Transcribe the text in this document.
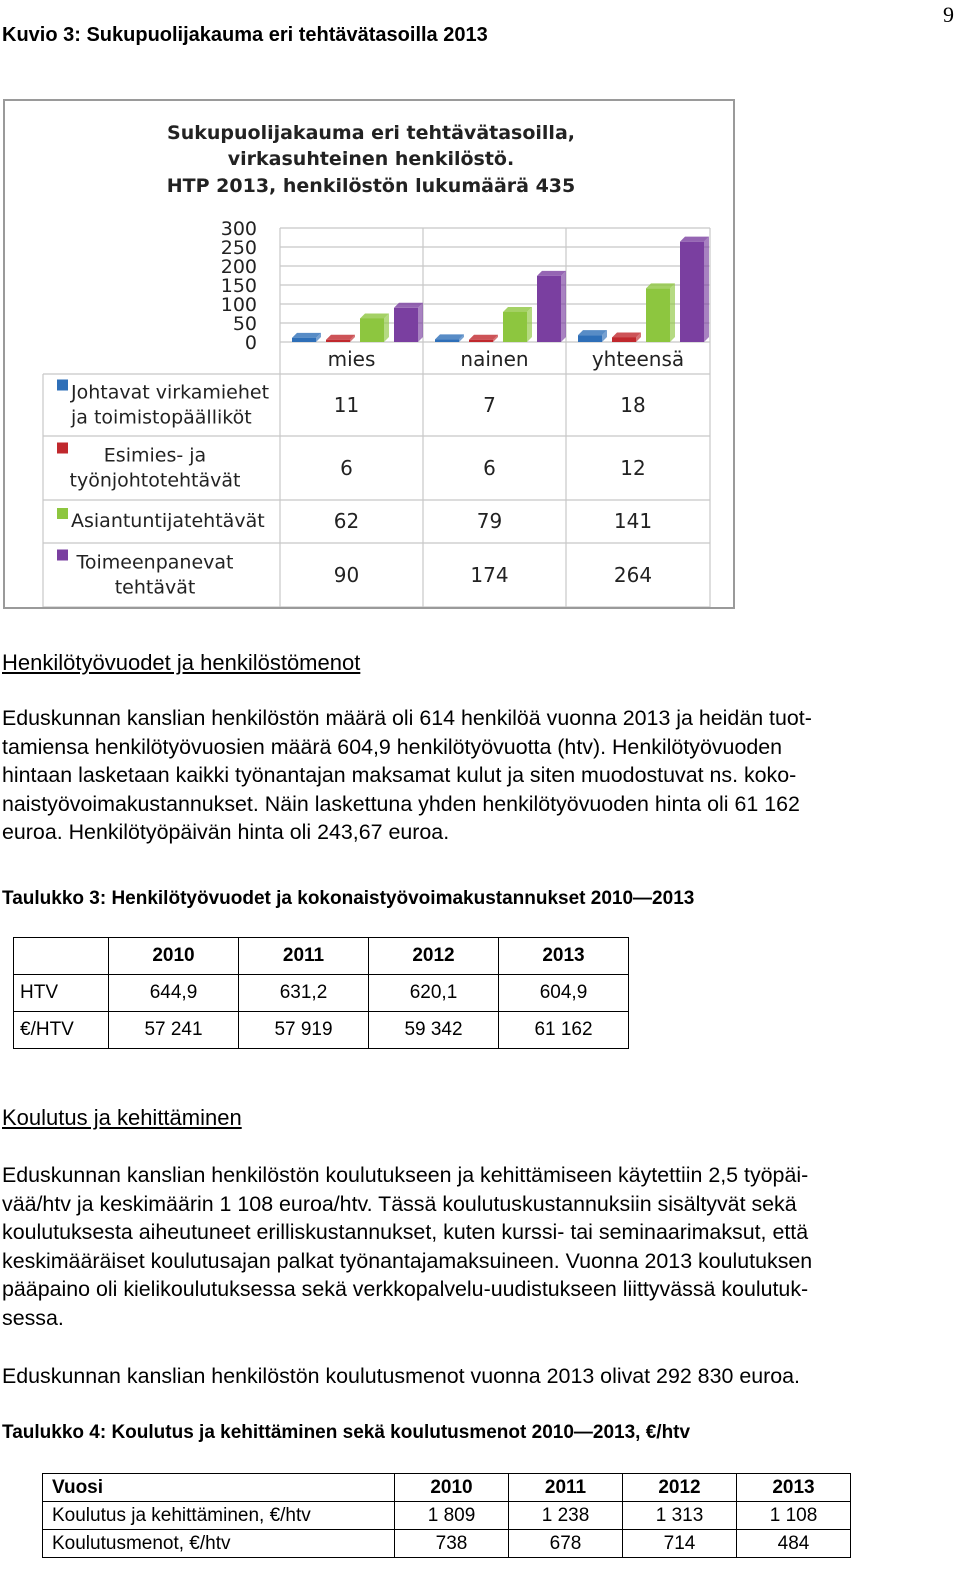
9
Kuvio 3: Sukupuolijakauma eri tehtävätasoilla 2013
Sukupuolijakauma eri tehtävätasoilla,
virkasuhteinen henkilöstö.
HTP 2013, henkilöstön lukumäärä 435
300
250
200
150
100
50
0
mies	nainen	yhteensä
Johtavat virkamiehet
ja toimistopäälliköt
11	7	18
Esimies- ja
työnjohtotehtävät
6	6	12
Asiantuntijatehtävät	62	79	141
Toimeenpanevat
tehtävät
90	174	264
Henkilötyövuodet ja henkilöstömenot
Eduskunnan kanslian henkilöstön määrä oli 614 henkilöä vuonna 2013 ja heidän tuot-
tamiensa henkilötyövuosien määrä 604,9 henkilötyövuotta (htv). Henkilötyövuoden
hintaan lasketaan kaikki työnantajan maksamat kulut ja siten muodostuvat ns. koko-
naistyövoimakustannukset. Näin laskettuna yhden henkilötyövuoden hinta oli 61 162
euroa. Henkilötyöpäivän hinta oli 243,67 euroa.
Taulukko 3: Henkilötyövuodet ja kokonaistyövoimakustannukset 2010—2013
	2010	2011	2012	2013
HTV	644,9	631,2	620,1	604,9
€/HTV	57 241	57 919	59 342	61 162
Koulutus ja kehittäminen
Eduskunnan kanslian henkilöstön koulutukseen ja kehittämiseen käytettiin 2,5 työpäi-
vää/htv ja keskimäärin 1 108 euroa/htv. Tässä koulutuskustannuksiin sisältyvät sekä
koulutuksesta aiheutuneet erilliskustannukset, kuten kurssi- tai seminaarimaksut, että
keskimääräiset koulutusajan palkat työnantajamaksuineen. Vuonna 2013 koulutuksen
pääpaino oli kielikoulutuksessa sekä verkkopalvelu-uudistukseen liittyvässä koulutuk-
sessa.
Eduskunnan kanslian henkilöstön koulutusmenot vuonna 2013 olivat 292 830 euroa.
Taulukko 4: Koulutus ja kehittäminen sekä koulutusmenot 2010—2013, €/htv
Vuosi	2010	2011	2012	2013
Koulutus ja kehittäminen, €/htv	1 809	1 238	1 313	1 108
Koulutusmenot, €/htv	738	678	714	484
